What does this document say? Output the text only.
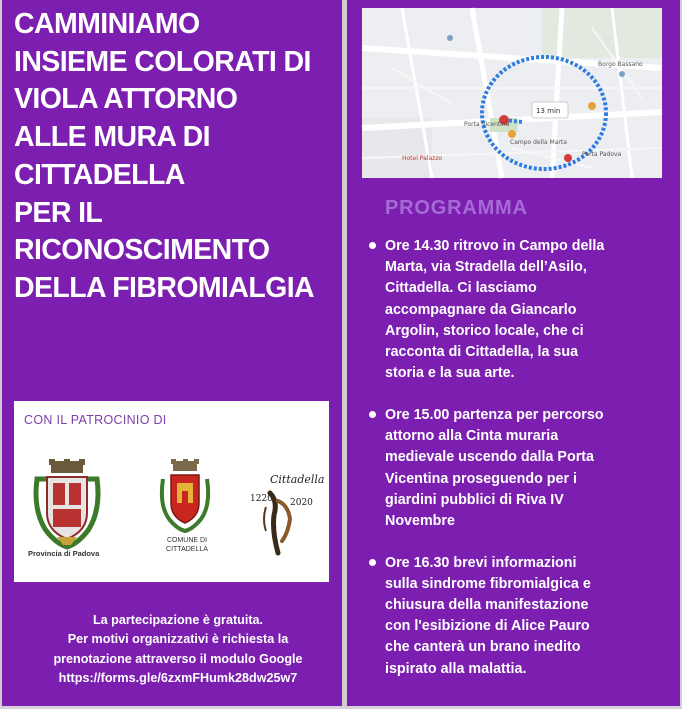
CAMMINIAMO
INSIEME COLORATI DI
VIOLA ATTORNO
ALLE MURA DI
CITTADELLA
PER IL
RICONOSCIMENTO
DELLA FIBROMIALGIA
CON IL PATROCINIO DI
Provincia di Padova
COMUNE DI
CITTADELLA
Cittadella
1220 2020
La partecipazione è gratuita.
Per motivi organizzativi è richiesta la
prenotazione attraverso il modulo Google
https://forms.gle/6zxmFHumk28dw25w7
13 min
Porta Vicentina
Campo della Marta
Hotel Palazzo
Porta Padova
Borgo Bassano
PROGRAMMA
Ore 14.30 ritrovo in Campo della
Marta, via Stradella dell’Asilo,
Cittadella. Ci lasciamo
accompagnare da Giancarlo
Argolin, storico locale, che ci
racconta di Cittadella, la sua
storia e la sua arte.
Ore 15.00 partenza per percorso
attorno alla Cinta muraria
medievale uscendo dalla Porta
Vicentina proseguendo per i
giardini pubblici di Riva IV
Novembre
Ore 16.30 brevi informazioni
sulla sindrome fibromialgica e
chiusura della manifestazione
con l'esibizione di Alice Pauro
che canterà un brano inedito
ispirato alla malattia.
